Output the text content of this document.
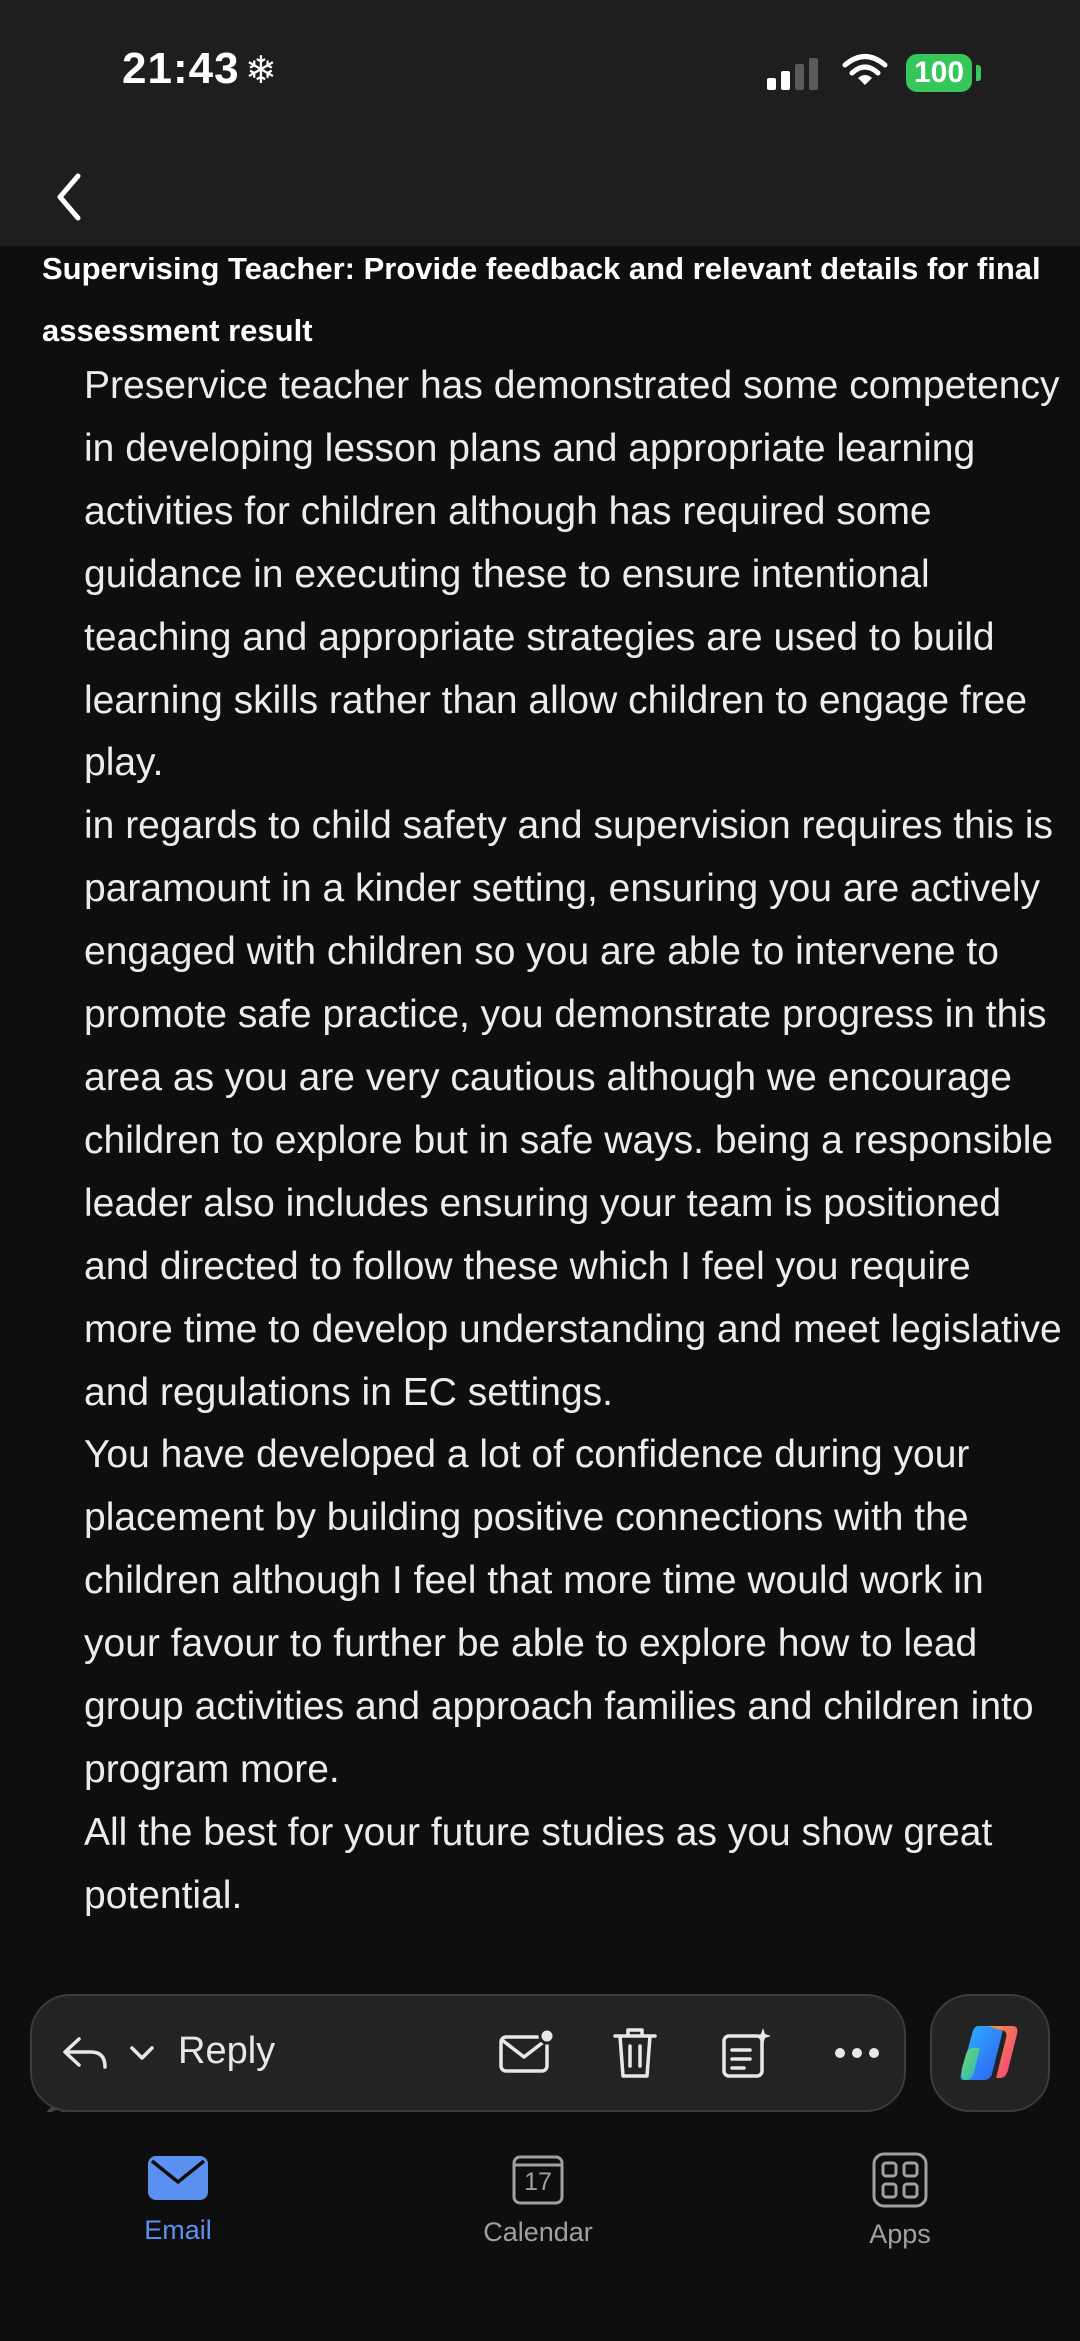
21:43 ❄	100
Supervising Teacher: Provide feedback and relevant details for final assessment result

Preservice teacher has demonstrated some competency in developing lesson plans and appropriate learning activities for children although has required some guidance in executing these to ensure intentional teaching and appropriate strategies are used to build learning skills rather than allow children to engage free play.

in regards to child safety and supervision requires this is paramount in a kinder setting, ensuring you are actively engaged with children so you are able to intervene to promote safe practice, you demonstrate progress in this area as you are very cautious although we encourage children to explore but in safe ways. being a responsible leader also includes ensuring your team is positioned and directed to follow these which I feel you require more time to develop understanding and meet legislative and regulations in EC settings.

You have developed a lot of confidence during your placement by building positive connections with the children although I feel that more time would work in your favour to further be able to explore how to lead group activities and approach families and children into program more.

All the best for your future studies as you show great potential.

Reply
Email
17
Calendar	Apps
